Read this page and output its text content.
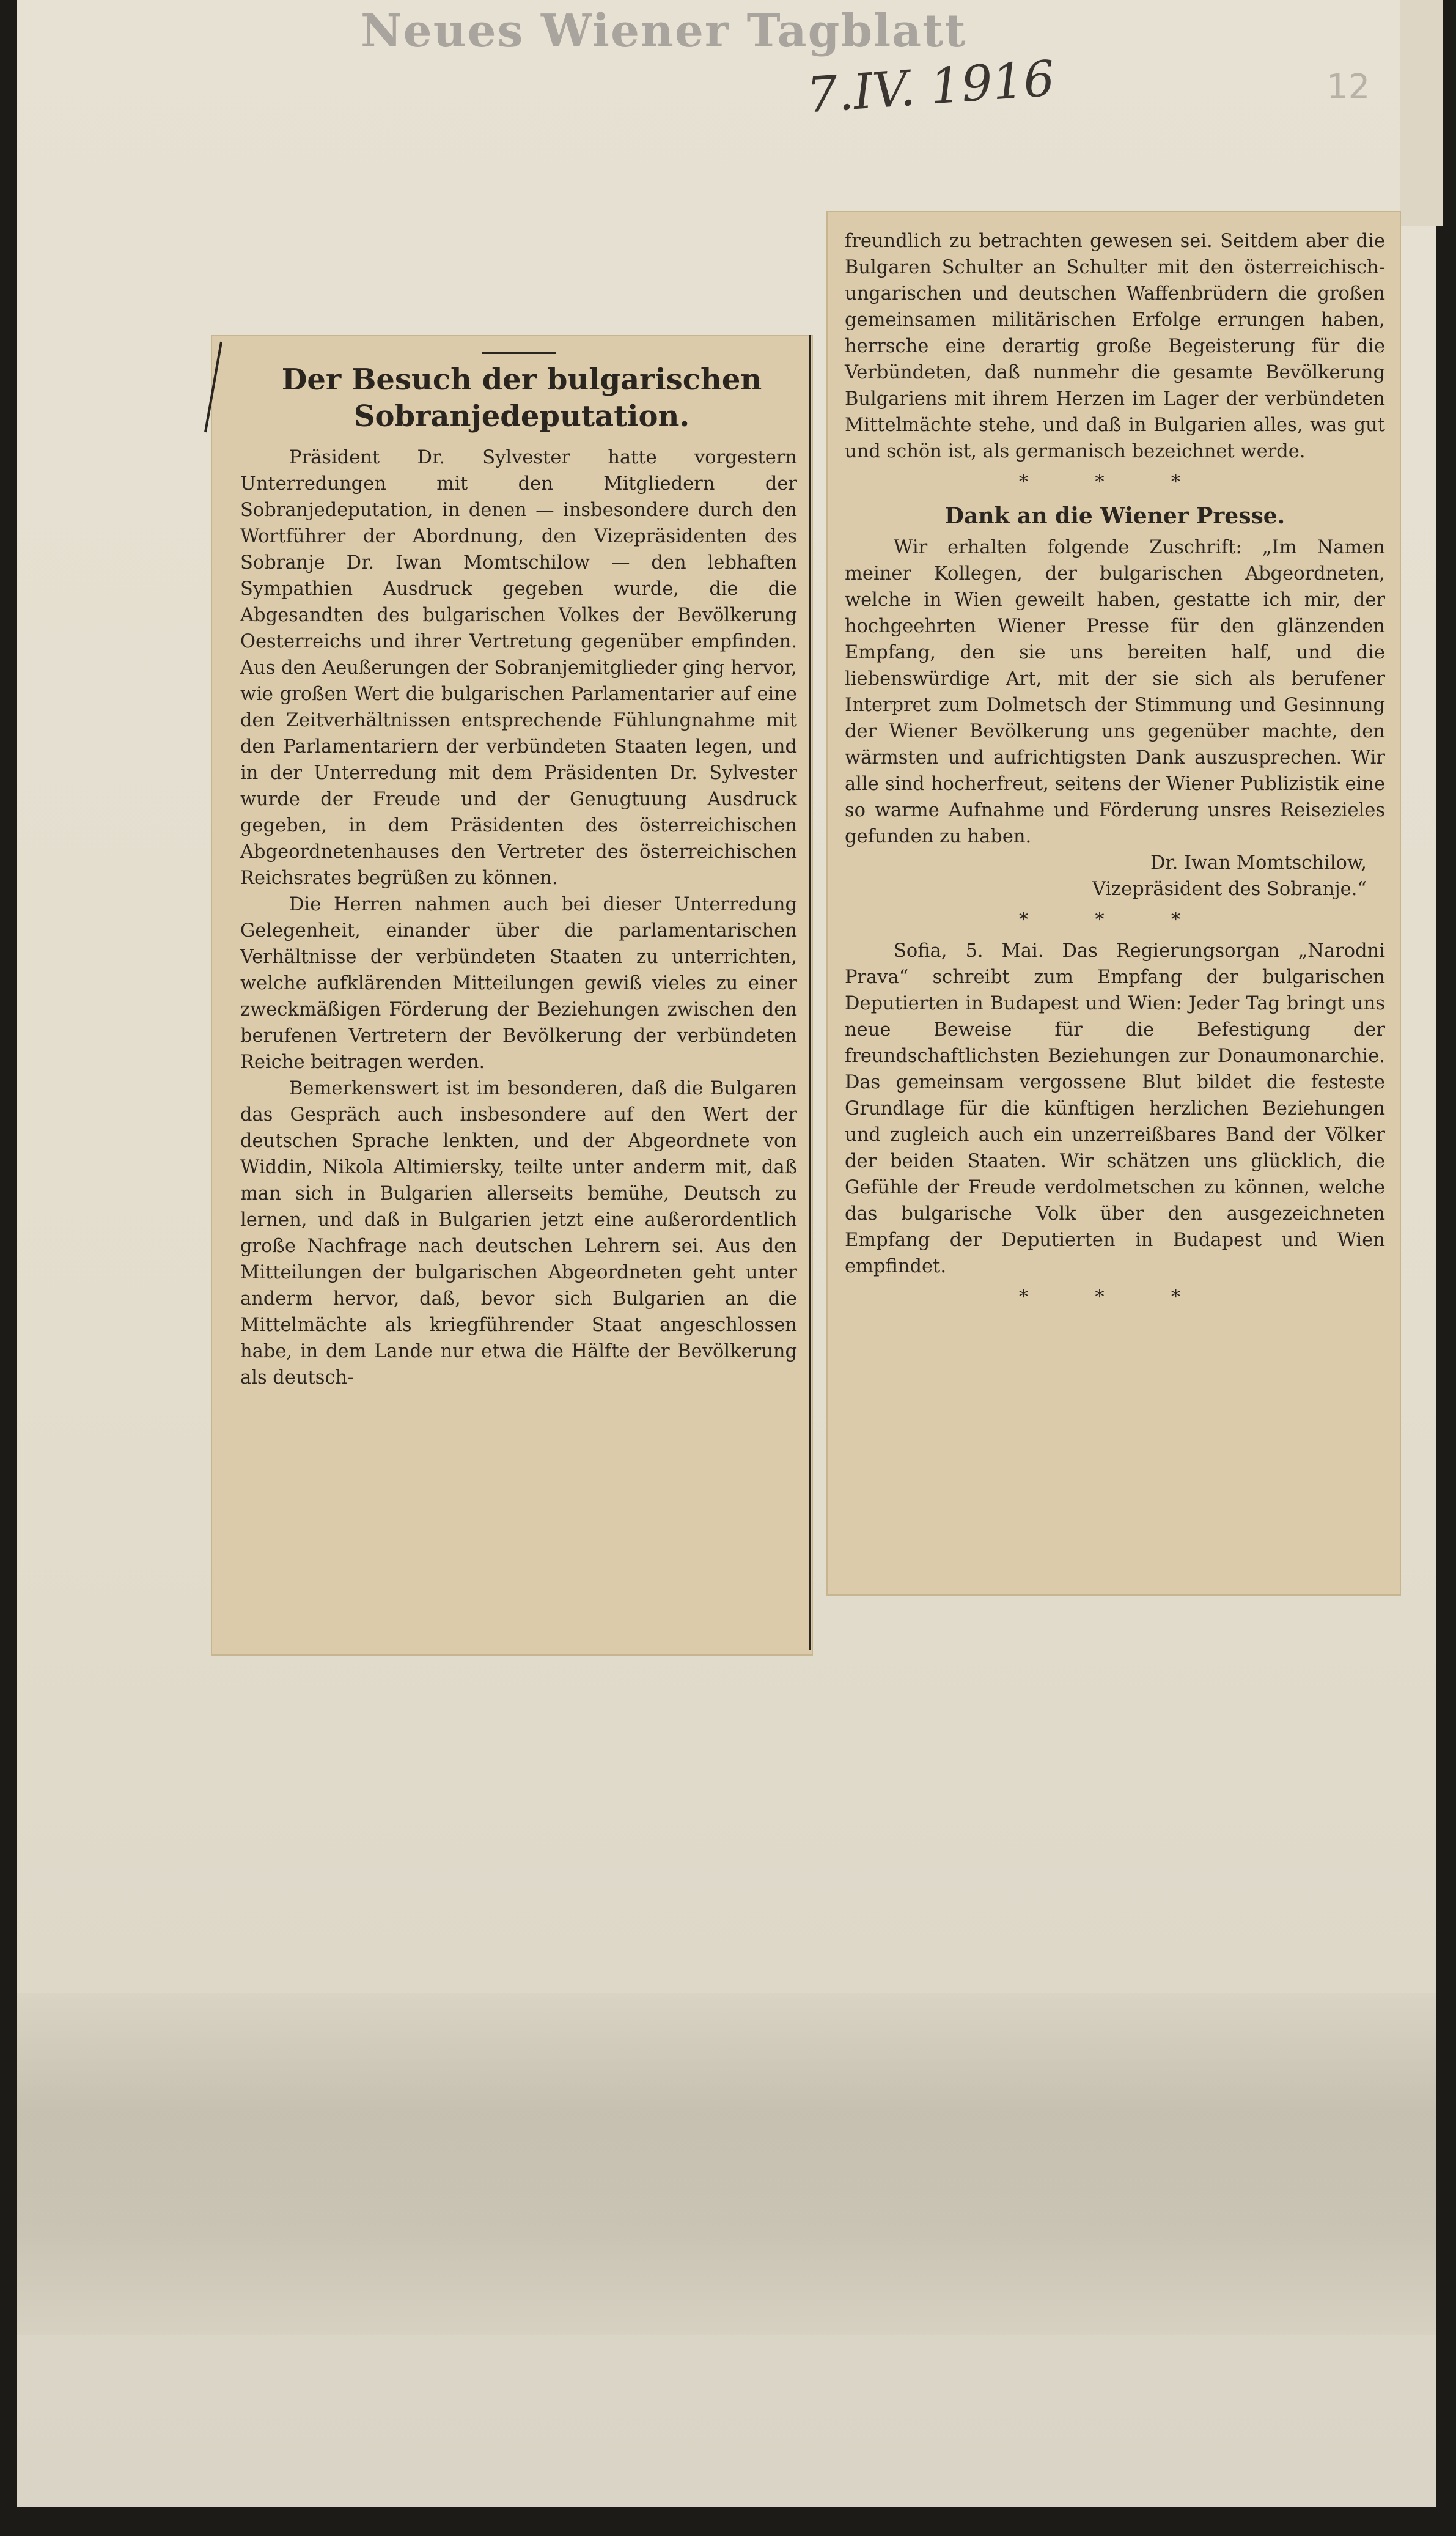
Neues Wiener Tagblatt
7.IV. 1916	12
Der Besuch der bulgarischen Sobranjedeputation.

Präsident Dr. Sylvester hatte vorgestern Unterredungen mit den Mitgliedern der Sobranjedeputation, in denen — insbesondere durch den Wortführer der Abordnung, den Vizepräsidenten des Sobranje Dr. Iwan Momtschilow — den lebhaften Sympathien Ausdruck gegeben wurde, die die Abgesandten des bulgarischen Volkes der Bevölkerung Oesterreichs und ihrer Vertretung gegenüber empfinden. Aus den Aeußerungen der Sobranjemitglieder ging hervor, wie großen Wert die bulgarischen Parlamentarier auf eine den Zeitverhältnissen entsprechende Fühlungnahme mit den Parlamentariern der verbündeten Staaten legen, und in der Unterredung mit dem Präsidenten Dr. Sylvester wurde der Freude und der Genugtuung Ausdruck gegeben, in dem Präsidenten des österreichischen Abgeordnetenhauses den Vertreter des österreichischen Reichsrates begrüßen zu können.

Die Herren nahmen auch bei dieser Unterredung Gelegenheit, einander über die parlamentarischen Verhältnisse der verbündeten Staaten zu unterrichten, welche aufklärenden Mitteilungen gewiß vieles zu einer zweckmäßigen Förderung der Beziehungen zwischen den berufenen Vertretern der Bevölkerung der verbündeten Reiche beitragen werden.

Bemerkenswert ist im besonderen, daß die Bulgaren das Gespräch auch insbesondere auf den Wert der deutschen Sprache lenkten, und der Abgeordnete von Widdin, Nikola Altimiersky, teilte unter anderm mit, daß man sich in Bulgarien allerseits bemühe, Deutsch zu lernen, und daß in Bulgarien jetzt eine außerordentlich große Nachfrage nach deutschen Lehrern sei. Aus den Mitteilungen der bulgarischen Abgeordneten geht unter anderm hervor, daß, bevor sich Bulgarien an die Mittelmächte als kriegführender Staat angeschlossen habe, in dem Lande nur etwa die Hälfte der Bevölkerung als deutsch-

freundlich zu betrachten gewesen sei. Seitdem aber die Bulgaren Schulter an Schulter mit den österreichisch-ungarischen und deutschen Waffenbrüdern die großen gemeinsamen militärischen Erfolge errungen haben, herrsche eine derartig große Begeisterung für die Verbündeten, daß nunmehr die gesamte Bevölkerung Bulgariens mit ihrem Herzen im Lager der verbündeten Mittelmächte stehe, und daß in Bulgarien alles, was gut und schön ist, als germanisch bezeichnet werde.

* * *
Dank an die Wiener Presse.

Wir erhalten folgende Zuschrift: „Im Namen meiner Kollegen, der bulgarischen Abgeordneten, welche in Wien geweilt haben, gestatte ich mir, der hochgeehrten Wiener Presse für den glänzenden Empfang, den sie uns bereiten half, und die liebenswürdige Art, mit der sie sich als berufener Interpret zum Dolmetsch der Stimmung und Gesinnung der Wiener Bevölkerung uns gegenüber machte, den wärmsten und aufrichtigsten Dank auszusprechen. Wir alle sind hocherfreut, seitens der Wiener Publizistik eine so warme Aufnahme und Förderung unsres Reisezieles gefunden zu haben.

Dr. Iwan Momtschilow,

Vizepräsident des Sobranje.“

* * *

Sofia, 5. Mai. Das Regierungsorgan „Narodni Prava“ schreibt zum Empfang der bulgarischen Deputierten in Budapest und Wien: Jeder Tag bringt uns neue Beweise für die Befestigung der freundschaftlichsten Beziehungen zur Donaumonarchie. Das gemeinsam vergossene Blut bildet die festeste Grundlage für die künftigen herzlichen Beziehungen und zugleich auch ein unzerreißbares Band der Völker der beiden Staaten. Wir schätzen uns glücklich, die Gefühle der Freude verdolmetschen zu können, welche das bulgarische Volk über den ausgezeichneten Empfang der Deputierten in Budapest und Wien empfindet.

* * *
